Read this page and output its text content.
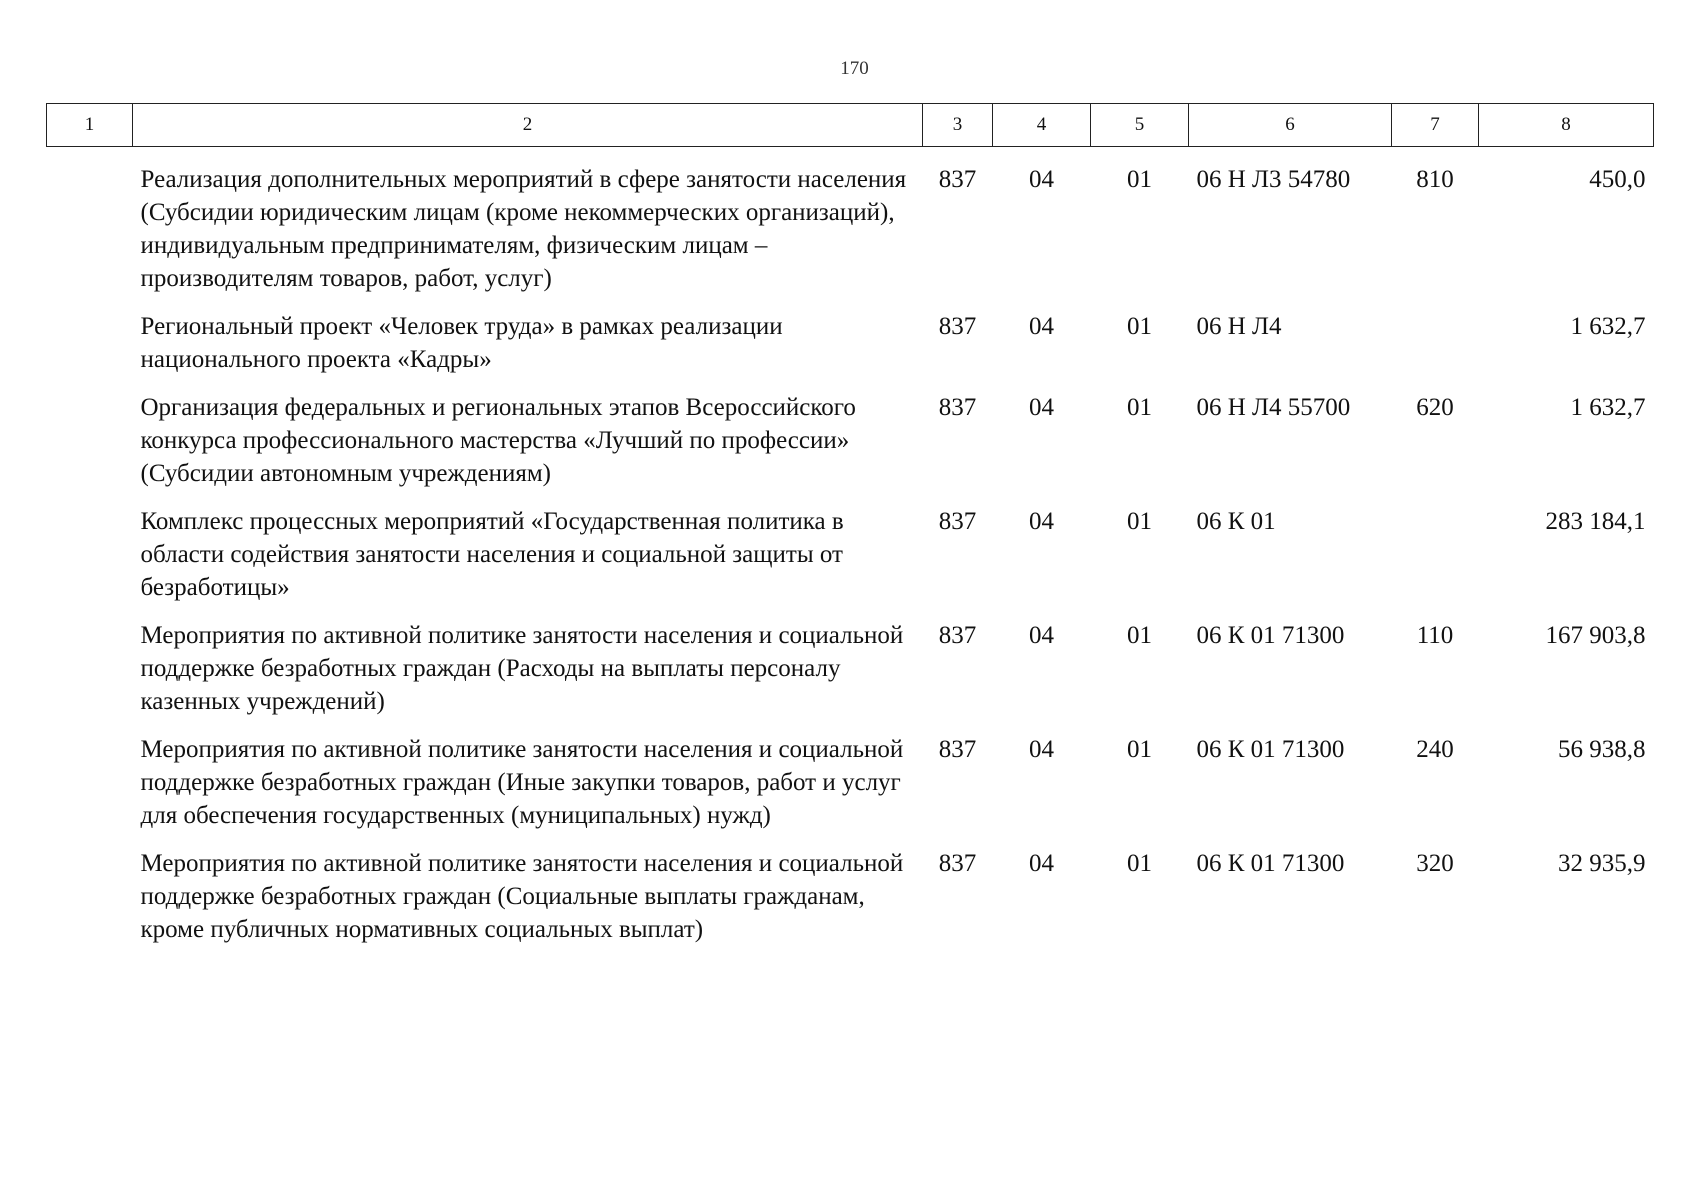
170
1	2	3	4	5	6	7	8
	Реализация дополнительных мероприятий в сфере занятости населения (Субсидии юридическим лицам (кроме некоммерческих организаций), индивидуальным предпринимателям, физическим лицам – производителям товаров, работ, услуг)	837	04	01	06 Н Л3 54780	810	450,0
	Региональный проект «Человек труда» в рамках реализации национального проекта «Кадры»	837	04	01	06 Н Л4		1 632,7
	Организация федеральных и региональных этапов Всероссийского конкурса профессионального мастерства «Лучший по профессии» (Субсидии автономным учреждениям)	837	04	01	06 Н Л4 55700	620	1 632,7
	Комплекс процессных мероприятий «Государственная политика в области содействия занятости населения и социальной защиты от безработицы»	837	04	01	06 К 01		283 184,1
	Мероприятия по активной политике занятости населения и социальной поддержке безработных граждан (Расходы на выплаты персоналу казенных учреждений)	837	04	01	06 К 01 71300	110	167 903,8
	Мероприятия по активной политике занятости населения и социальной поддержке безработных граждан (Иные закупки товаров, работ и услуг для обеспечения государственных (муниципальных) нужд)	837	04	01	06 К 01 71300	240	56 938,8
	Мероприятия по активной политике занятости населения и социальной поддержке безработных граждан (Социальные выплаты гражданам, кроме публичных нормативных социальных выплат)	837	04	01	06 К 01 71300	320	32 935,9
